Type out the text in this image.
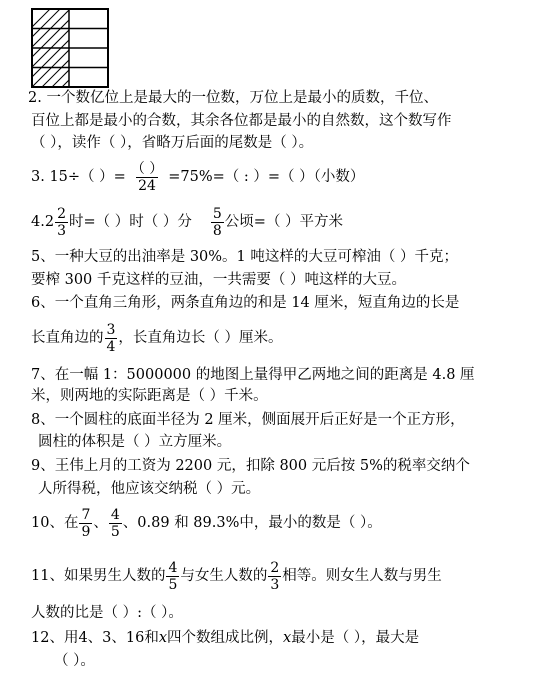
2. 一个数亿位上是最大的一位数，万位上是最小的质数，千位、
百位上都是最小的合数，其余各位都是最小的自然数，这个数写作
（ ），读作（ ），省略万后面的尾数是（ ）。
3. 15÷（ ）= $\frac{( )}{24} =75\%=$（ : ）=（ ）（小数）
$4.2 \frac{2}{3}$ 时=（ ）时（ ）分 $\frac{5}{8}$ 公顷=（ ）平方米
5、一种大豆的出油率是 30%。1 吨这样的大豆可榨油（ ）千克；
要榨 300 千克这样的豆油，一共需要（ ）吨这样的大豆。
6、一个直角三角形，两条直角边的和是 14 厘米，短直角边的长是
长直角边的 $\frac{3}{4}$ ，长直角边长（ ）厘米。
7、在一幅 1：5000000 的地图上量得甲乙两地之间的距离是 4.8 厘
米，则两地的实际距离是（ ）千米。
8、一个圆柱的底面半径为 2 厘米，侧面展开后正好是一个正方形，
圆柱的体积是（ ）立方厘米。
9、王伟上月的工资为 2200 元，扣除 800 元后按 5%的税率交纳个
人所得税，他应该交纳税（ ）元。
10、在 $\frac{7}{9}$ 、 $\frac{4}{5}$ 、0.89 和 89.3%中，最小的数是（ ）。
11、如果男生人数的 $\frac{4}{5}$ 与女生人数的 $\frac{2}{3}$ 相等。则女生人数与男生
人数的比是（ ）:（ ）。
12、用4、3、16和x四个数组成比例，x最小是（ ），最大是
（ ）。
